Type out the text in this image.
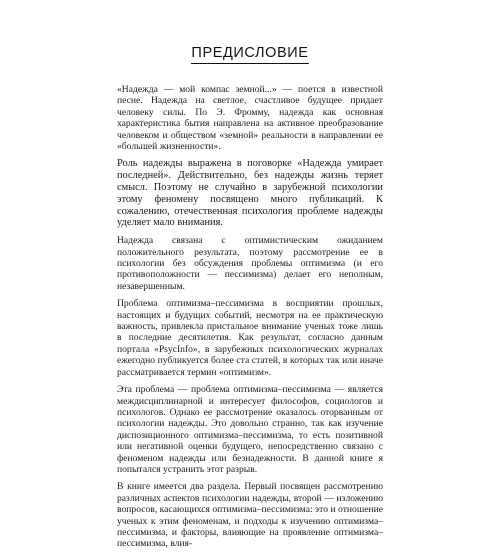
ПРЕДИСЛОВИЕ

«Надежда — мой компас земной...» — поется в известной песне. Надежда на светлое, счастливое будущее придает человеку силы. По Э. Фромму, надежда как основная характеристика бытия направлена на активное преобразование человеком и обществом «земной» реальности в направлении ее «большей жизненности».

Роль надежды выражена в поговорке «Надежда умирает последней». Действительно, без надежды жизнь теряет смысл. Поэтому не случайно в зарубежной психологии этому феномену посвящено много публикаций. К сожалению, отечественная психология проблеме надежды уделяет мало внимания.

Надежда связана с оптимистическим ожиданием положительного результата, поэтому рассмотрение ее в психологии без обсуждения проблемы оптимизма (и его противоположности — пессимизма) делает его неполным, незавершенным.

Проблема оптимизма–пессимизма в восприятии прошлых, настоящих и будущих событий, несмотря на ее практическую важность, привлекла пристальное внимание ученых тоже лишь в последние десятилетия. Как результат, согласно данным портала «PsycInfo», в зарубежных психологических журналах ежегодно публикуется более ста статей, в которых так или иначе рассматривается термин «оптимизм».

Эта проблема — проблема оптимизма–пессимизма — является междисциплинарной и интересует философов, социологов и психологов. Однако ее рассмотрение оказалось оторванным от психологии надежды. Это довольно странно, так как изучение диспозиционного оптимизма–пессимизма, то есть позитивной или негативной оценки будущего, непосредственно связано с феноменом надежды или безнадежности. В данной книге я попытался устранить этот разрыв.

В книге имеется два раздела. Первый посвящен рассмотрению различных аспектов психологии надежды, второй — изложению вопросов, касающихся оптимизма–пессимизма: это и отношение ученых к этим феноменам, и подходы к изучению оптимизма–пессимизма, и факторы, влияющие на проявление оптимизма–пессимизма, влия-
